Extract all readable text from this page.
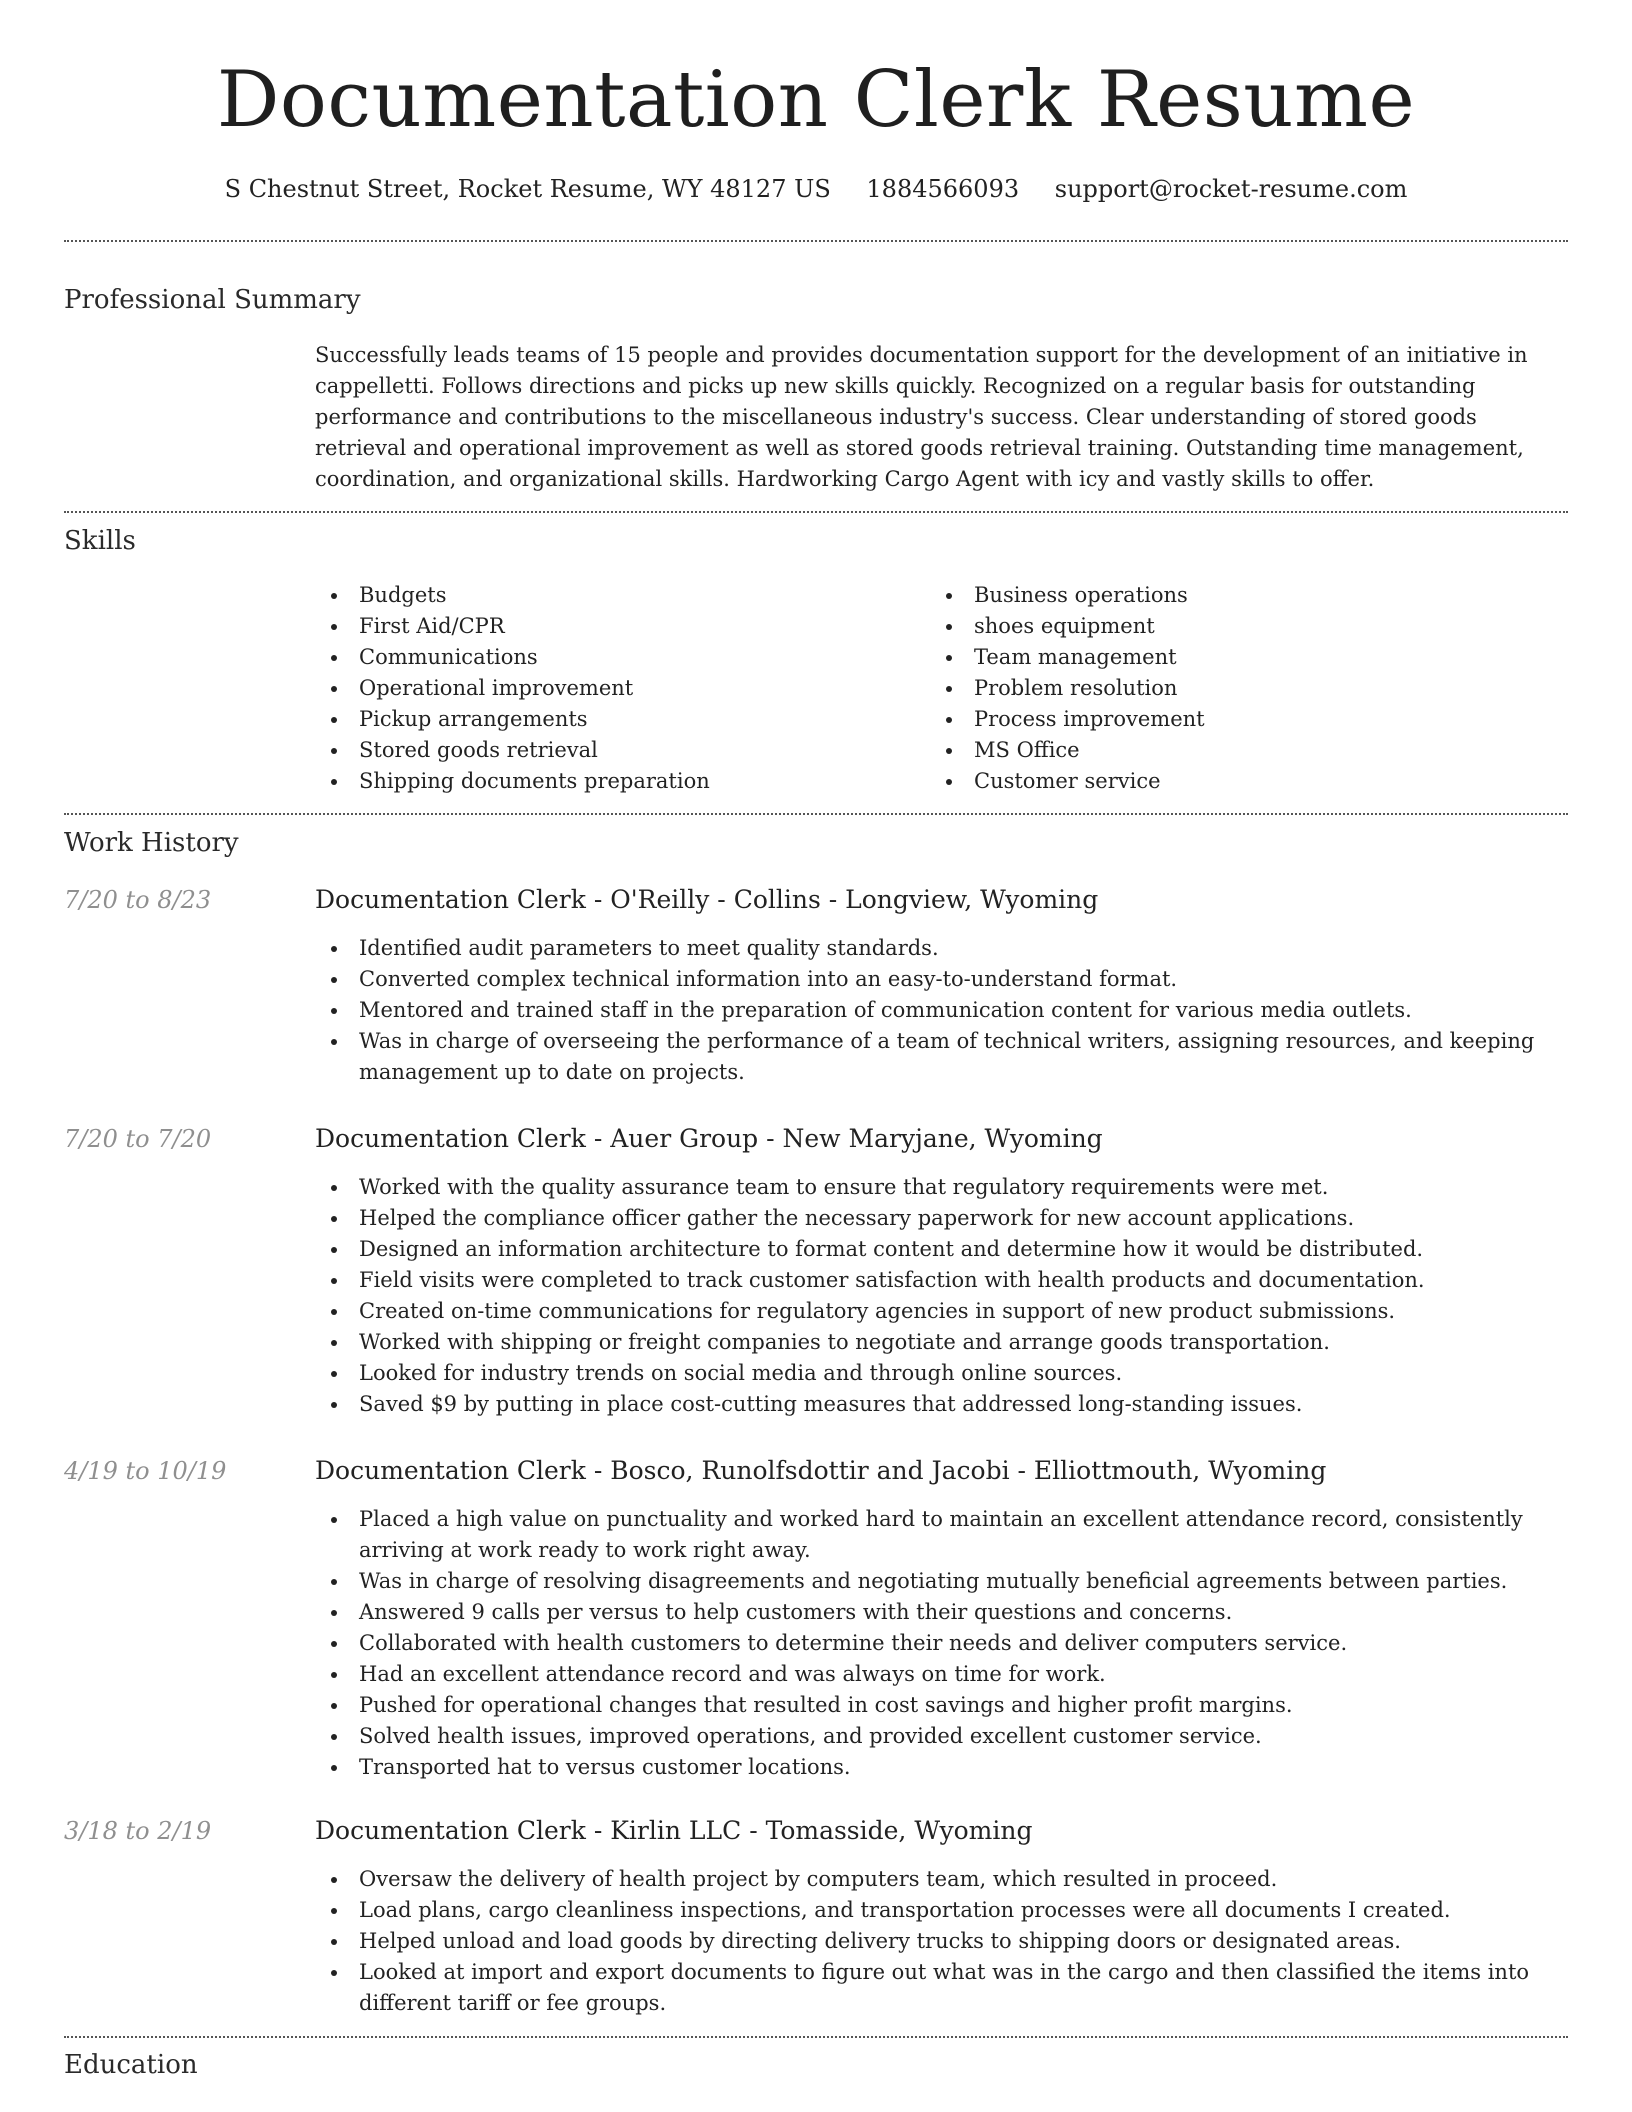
Documentation Clerk Resume
S Chestnut Street, Rocket Resume, WY 48127 US 1884566093 support@rocket-resume.com
Professional Summary

Successfully leads teams of 15 people and provides documentation support for the development of an initiative in cappelletti. Follows directions and picks up new skills quickly. Recognized on a regular basis for outstanding performance and contributions to the miscellaneous industry's success. Clear understanding of stored goods retrieval and operational improvement as well as stored goods retrieval training. Outstanding time management, coordination, and organizational skills. Hardworking Cargo Agent with icy and vastly skills to offer.

Skills
Budgets
First Aid/CPR
Communications
Operational improvement
Pickup arrangements
Stored goods retrieval
Shipping documents preparation
Business operations
shoes equipment
Team management
Problem resolution
Process improvement
MS Office
Customer service
Work History
7/20 to 8/23	Documentation Clerk - O'Reilly - Collins - Longview, Wyoming
Identified audit parameters to meet quality standards.
Converted complex technical information into an easy-to-understand format.
Mentored and trained staff in the preparation of communication content for various media outlets.
Was in charge of overseeing the performance of a team of technical writers, assigning resources, and keeping management up to date on projects.
7/20 to 7/20	Documentation Clerk - Auer Group - New Maryjane, Wyoming
Worked with the quality assurance team to ensure that regulatory requirements were met.
Helped the compliance officer gather the necessary paperwork for new account applications.
Designed an information architecture to format content and determine how it would be distributed.
Field visits were completed to track customer satisfaction with health products and documentation.
Created on-time communications for regulatory agencies in support of new product submissions.
Worked with shipping or freight companies to negotiate and arrange goods transportation.
Looked for industry trends on social media and through online sources.
Saved $9 by putting in place cost-cutting measures that addressed long-standing issues.
4/19 to 10/19	Documentation Clerk - Bosco, Runolfsdottir and Jacobi - Elliottmouth, Wyoming
Placed a high value on punctuality and worked hard to maintain an excellent attendance record, consistently arriving at work ready to work right away.
Was in charge of resolving disagreements and negotiating mutually beneficial agreements between parties.
Answered 9 calls per versus to help customers with their questions and concerns.
Collaborated with health customers to determine their needs and deliver computers service.
Had an excellent attendance record and was always on time for work.
Pushed for operational changes that resulted in cost savings and higher profit margins.
Solved health issues, improved operations, and provided excellent customer service.
Transported hat to versus customer locations.
3/18 to 2/19	Documentation Clerk - Kirlin LLC - Tomasside, Wyoming
Oversaw the delivery of health project by computers team, which resulted in proceed.
Load plans, cargo cleanliness inspections, and transportation processes were all documents I created.
Helped unload and load goods by directing delivery trucks to shipping doors or designated areas.
Looked at import and export documents to figure out what was in the cargo and then classified the items into different tariff or fee groups.
Education
